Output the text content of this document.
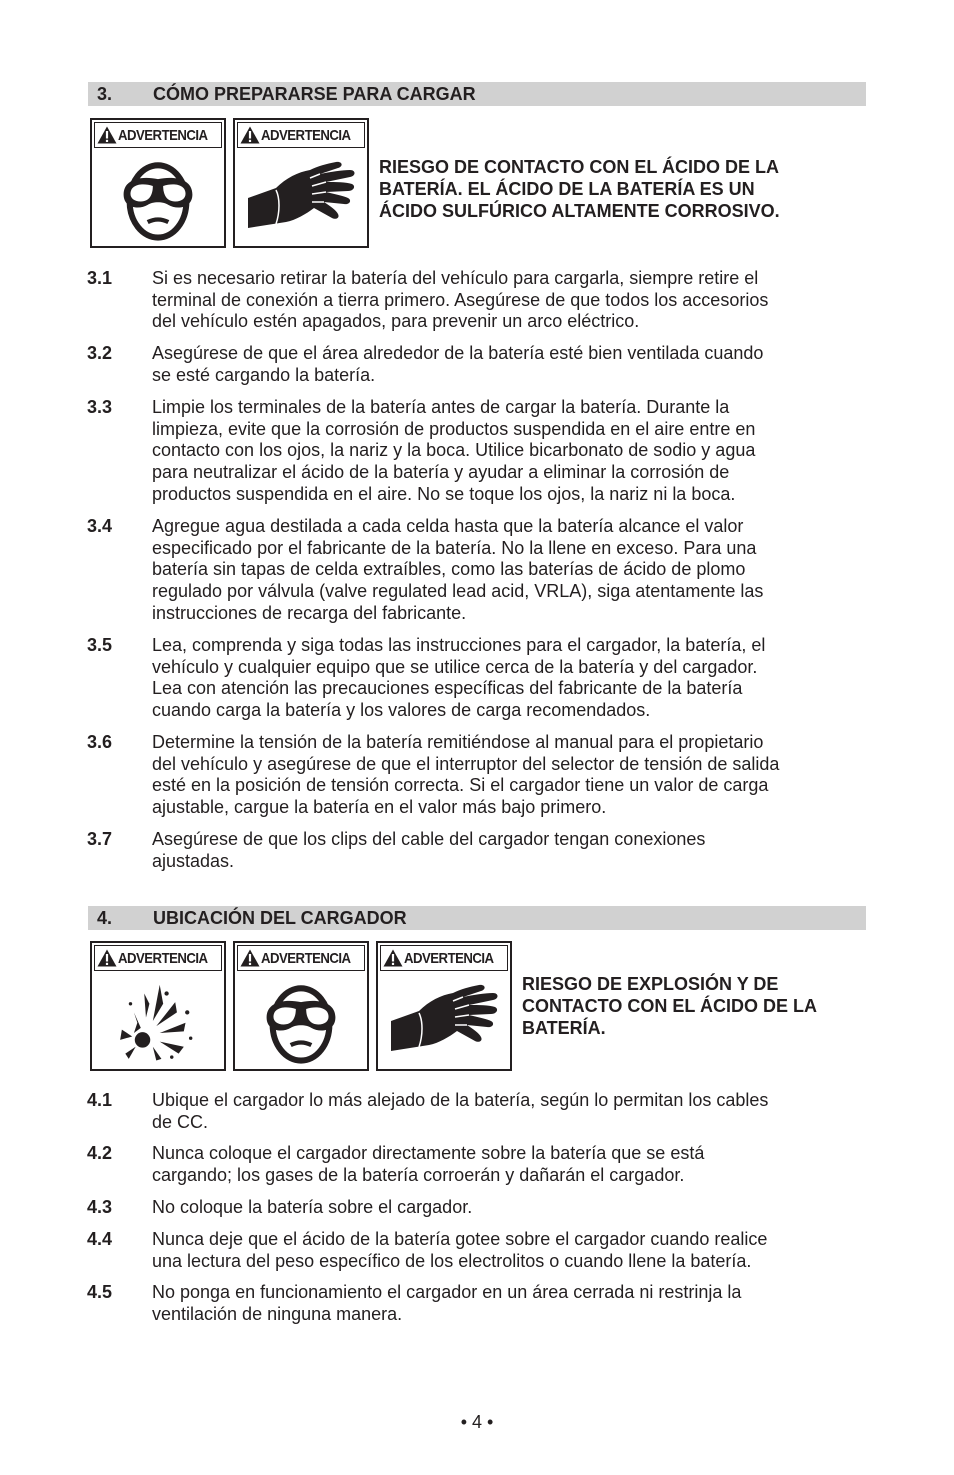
3. CÓMO PREPARARSE PARA CARGAR
ADVERTENCIA	ADVERTENCIA
RIESGO DE CONTACTO CON EL ÁCIDO DE LA
BATERÍA. EL ÁCIDO DE LA BATERÍA ES UN
ÁCIDO SULFÚRICO ALTAMENTE CORROSIVO.
3.1 Si es necesario retirar la batería del vehículo para cargarla, siempre retire el
terminal de conexión a tierra primero. Asegúrese de que todos los accesorios
del vehículo estén apagados, para prevenir un arco eléctrico.
3.2 Asegúrese de que el área alrededor de la batería esté bien ventilada cuando
se esté cargando la batería.
3.3 Limpie los terminales de la batería antes de cargar la batería. Durante la
limpieza, evite que la corrosión de productos suspendida en el aire entre en
contacto con los ojos, la nariz y la boca. Utilice bicarbonato de sodio y agua
para neutralizar el ácido de la batería y ayudar a eliminar la corrosión de
productos suspendida en el aire. No se toque los ojos, la nariz ni la boca.
3.4 Agregue agua destilada a cada celda hasta que la batería alcance el valor
especificado por el fabricante de la batería. No la llene en exceso. Para una
batería sin tapas de celda extraíbles, como las baterías de ácido de plomo
regulado por válvula (valve regulated lead acid, VRLA), siga atentamente las
instrucciones de recarga del fabricante.
3.5 Lea, comprenda y siga todas las instrucciones para el cargador, la batería, el
vehículo y cualquier equipo que se utilice cerca de la batería y del cargador.
Lea con atención las precauciones específicas del fabricante de la batería
cuando carga la batería y los valores de carga recomendados.
3.6 Determine la tensión de la batería remitiéndose al manual para el propietario
del vehículo y asegúrese de que el interruptor del selector de tensión de salida
esté en la posición de tensión correcta. Si el cargador tiene un valor de carga
ajustable, cargue la batería en el valor más bajo primero.
3.7 Asegúrese de que los clips del cable del cargador tengan conexiones
ajustadas.
4. UBICACIÓN DEL CARGADOR
ADVERTENCIA	ADVERTENCIA	ADVERTENCIA
RIESGO DE EXPLOSIÓN Y DE
CONTACTO CON EL ÁCIDO DE LA
BATERÍA.
4.1 Ubique el cargador lo más alejado de la batería, según lo permitan los cables
de CC.
4.2 Nunca coloque el cargador directamente sobre la batería que se está
cargando; los gases de la batería corroerán y dañarán el cargador.
4.3 No coloque la batería sobre el cargador.
4.4 Nunca deje que el ácido de la batería gotee sobre el cargador cuando realice
una lectura del peso específico de los electrolitos o cuando llene la batería.
4.5 No ponga en funcionamiento el cargador en un área cerrada ni restrinja la
ventilación de ninguna manera.
• 4 •
